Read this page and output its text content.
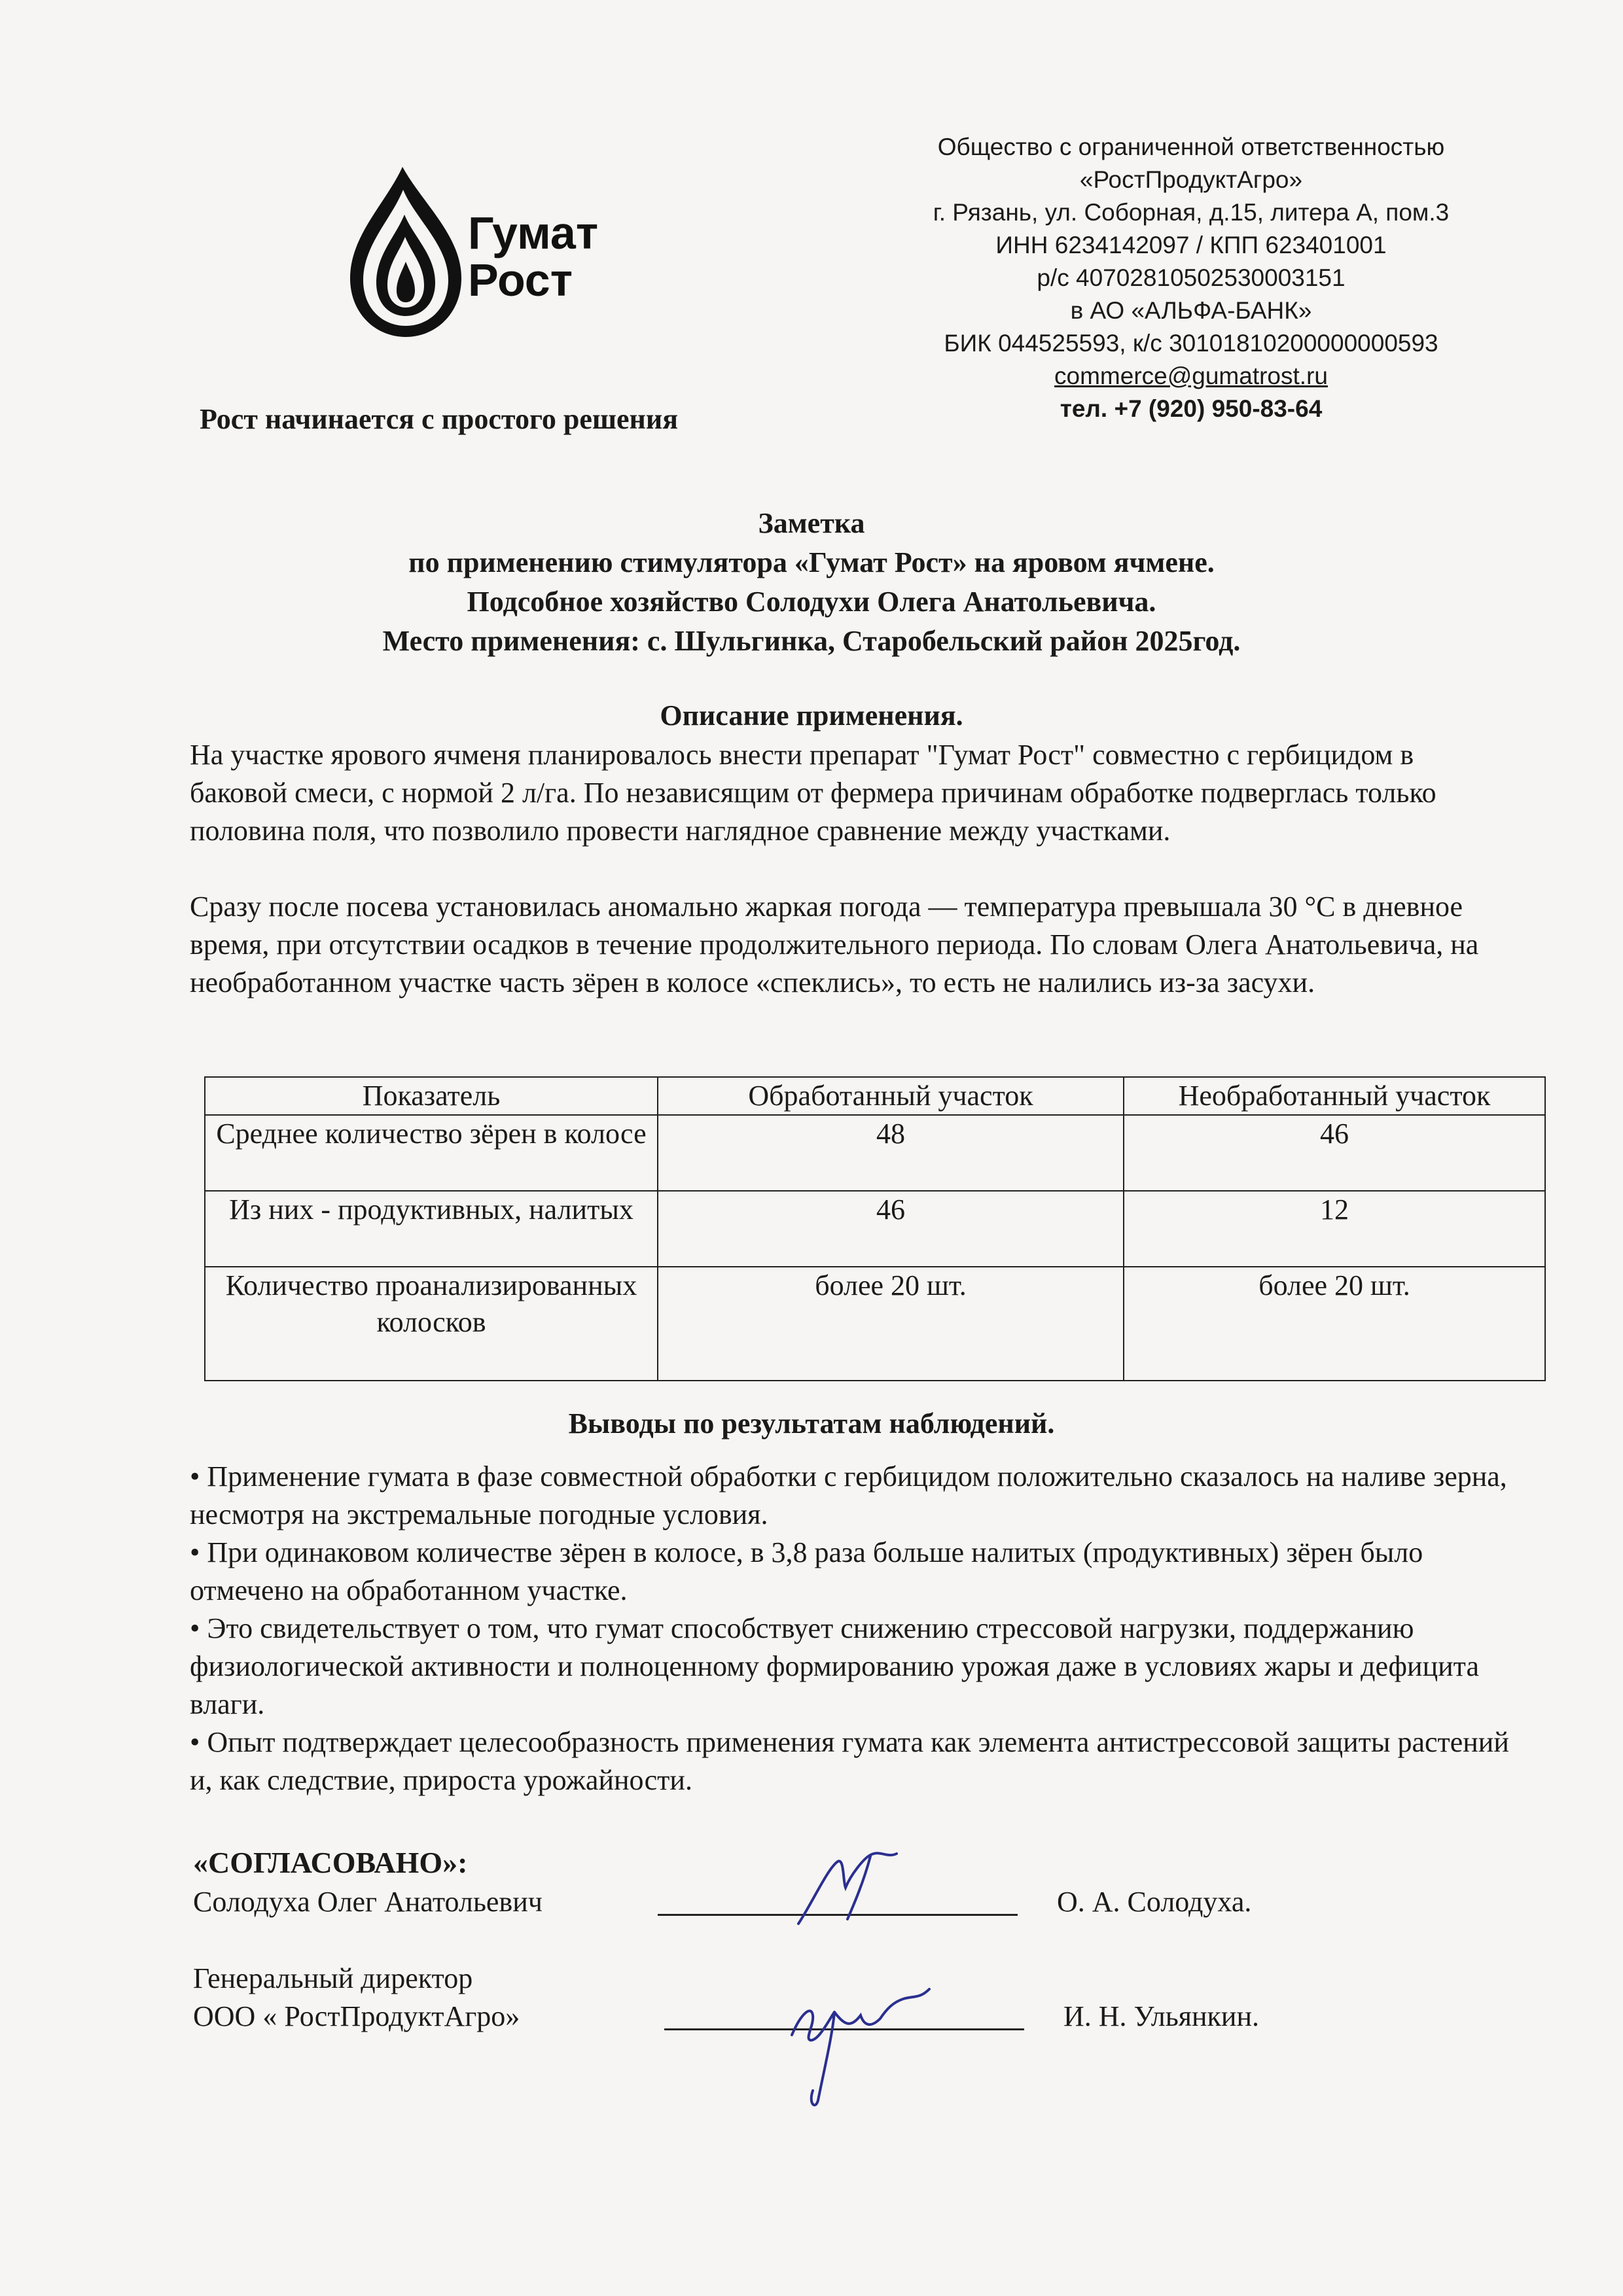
Гумат
Рост
Рост начинается с простого решения
Общество с ограниченной ответственностью
«РостПродуктАгро»
г. Рязань, ул. Соборная, д.15, литера А, пом.3
ИНН 6234142097 / КПП 623401001
р/с 40702810502530003151
в АО «АЛЬФА-БАНК»
БИК 044525593, к/с 30101810200000000593
commerce@gumatrost.ru
тел. +7 (920) 950-83-64
Заметка
по применению стимулятора «Гумат Рост» на яровом ячмене.
Подсобное хозяйство Солодухи Олега Анатольевича.
Место применения: с. Шульгинка, Старобельский район 2025год.
Описание применения.

На участке ярового ячменя планировалось внести препарат "Гумат Рост" совместно с гербицидом в баковой смеси, с нормой 2 л/га. По независящим от фермера причинам обработке подверглась только половина поля, что позволило провести наглядное сравнение между участками.

Сразу после посева установилась аномально жаркая погода — температура превышала 30 °С в дневное время, при отсутствии осадков в течение продолжительного периода. По словам Олега Анатольевича, на необработанном участке часть зёрен в колосе «спеклись», то есть не налились из-за засухи.

Показатель	Обработанный участок	Необработанный участок
Среднее количество зёрен в колосе	48	46
Из них - продуктивных, налитых	46	12
Количество проанализированных колосков	более 20 шт.	более 20 шт.
Выводы по результатам наблюдений.

• Применение гумата в фазе совместной обработки с гербицидом положительно сказалось на наливе зерна, несмотря на экстремальные погодные условия.

• При одинаковом количестве зёрен в колосе, в 3,8 раза больше налитых (продуктивных) зёрен было отмечено на обработанном участке.

• Это свидетельствует о том, что гумат способствует снижению стрессовой нагрузки, поддержанию физиологической активности и полноценному формированию урожая даже в условиях жары и дефицита влаги.

• Опыт подтверждает целесообразность применения гумата как элемента антистрессовой защиты растений и, как следствие, прироста урожайности.

«СОГЛАСОВАНО»:
Солодуха Олег Анатольевич	О. А. Солодуха.
Генеральный директор
ООО « РостПродуктАгро»	И. Н. Ульянкин.
